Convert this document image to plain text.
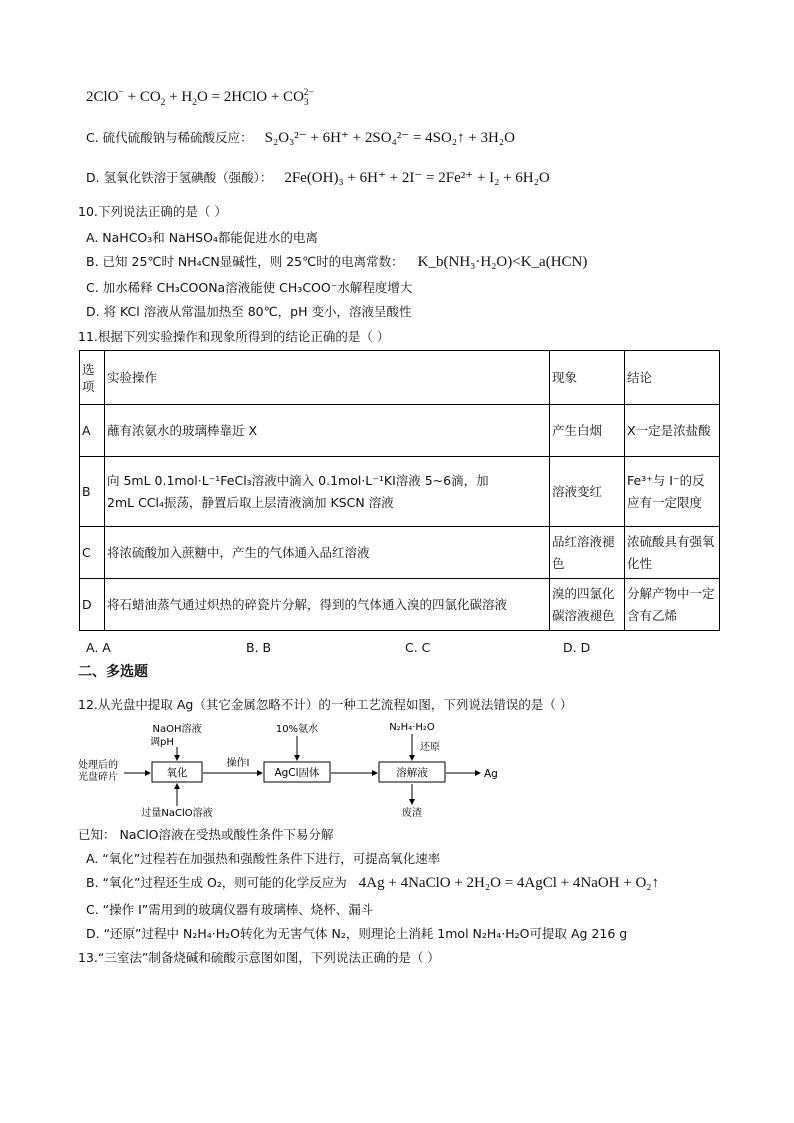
$2ClO^- + CO_2 + H_2O$ = 2HClO + $CO_3^{2-}$
C. 硫代硫酸钠与稀硫酸反应： S₂O₃²⁻ + 6H⁺ + 2SO₄²⁻ = 4SO₂↑ + 3H₂O
D. 氢氧化铁溶于氢碘酸（强酸）： 2Fe(OH)₃ + 6H⁺ + 2I⁻ = 2Fe²⁺ + I₂ + 6H₂O
10.下列说法正确的是（ ）
A. NaHCO₃和 NaHSO₄都能促进水的电离
B. 已知 25℃时 NH₄CN显碱性，则 25℃时的电离常数： K_b(NH₃·H₂O)<K_a(HCN)
C. 加水稀释 CH₃COONa溶液能使 CH₃COO⁻水解程度增大
D. 将 KCl 溶液从常温加热至 80℃，pH 变小，溶液呈酸性
11.根据下列实验操作和现象所得到的结论正确的是（ ）
选项	实验操作	现象	结论
A	蘸有浓氨水的玻璃棒靠近 X	产生白烟	X一定是浓盐酸
B	向 5mL 0.1mol·L⁻¹FeCl₃溶液中滴入 0.1mol·L⁻¹KI溶液 5~6滴，加
2mL CCl₄振荡，静置后取上层清液滴加 KSCN 溶液	溶液变红	Fe³⁺与 I⁻的反应有一定限度
C	将浓硫酸加入蔗糖中，产生的气体通入品红溶液	品红溶液褪色	浓硫酸具有强氧化性
D	将石蜡油蒸气通过炽热的碎瓷片分解，得到的气体通入溴的四氯化碳溶液	溴的四氯化碳溶液褪色	分解产物中一定含有乙烯
A. A	B. B	C. C	D. D
二、多选题
12.从光盘中提取 Ag（其它金属忽略不计）的一种工艺流程如图，下列说法错误的是（ ）
处理后的
光盘碎片	氧化
NaOH溶液
调pH
过量NaClO溶液
操作Ⅰ
AgCl固体
10%氨水
溶解液
N₂H₄·H₂O
还原
废渣
Ag
已知： NaClO溶液在受热或酸性条件下易分解
A. “氧化”过程若在加强热和强酸性条件下进行，可提高氧化速率
B. “氧化”过程还生成 O₂，则可能的化学反应为 4Ag + 4NaClO + 2H₂O = 4AgCl + 4NaOH + O₂↑
C. “操作 I”需用到的玻璃仪器有玻璃棒、烧杯、漏斗
D. “还原”过程中 N₂H₄·H₂O转化为无害气体 N₂，则理论上消耗 1mol N₂H₄·H₂O可提取 Ag 216 g
13.“三室法”制备烧碱和硫酸示意图如图，下列说法正确的是（ ）
